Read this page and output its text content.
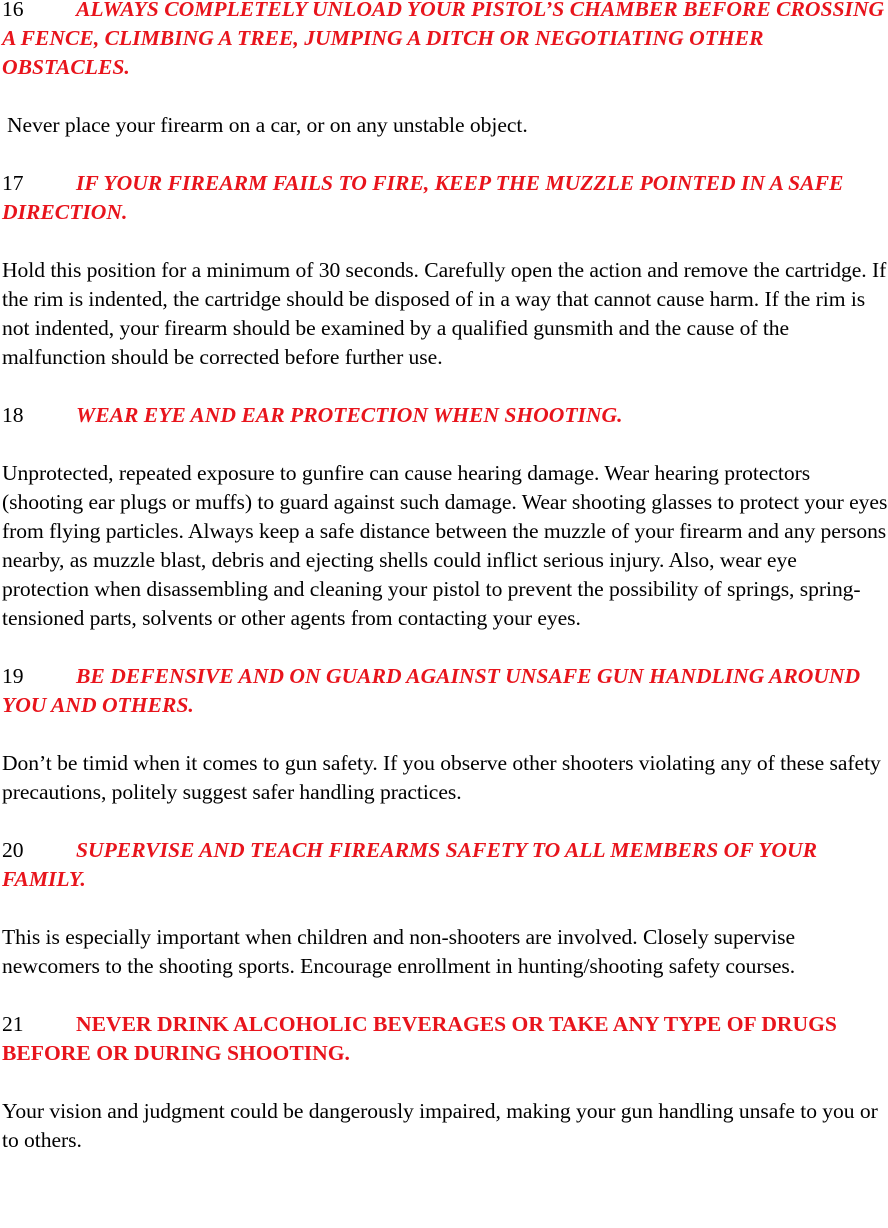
16 ALWAYS COMPLETELY UNLOAD YOUR PISTOL’S CHAMBER BEFORE CROSSING A FENCE, CLIMBING A TREE, JUMPING A DITCH OR NEGOTIATING OTHER OBSTACLES.

Never place your firearm on a car, or on any unstable object.

17 IF YOUR FIREARM FAILS TO FIRE, KEEP THE MUZZLE POINTED IN A SAFE DIRECTION.

Hold this position for a minimum of 30 seconds. Carefully open the action and remove the cartridge. If the rim is indented, the cartridge should be disposed of in a way that cannot cause harm. If the rim is not indented, your firearm should be examined by a qualified gunsmith and the cause of the malfunction should be corrected before further use.

18 WEAR EYE AND EAR PROTECTION WHEN SHOOTING.

Unprotected, repeated exposure to gunfire can cause hearing damage. Wear hearing protectors (shooting ear plugs or muffs) to guard against such damage. Wear shooting glasses to protect your eyes from flying particles. Always keep a safe distance between the muzzle of your firearm and any persons nearby, as muzzle blast, debris and ejecting shells could inflict serious injury. Also, wear eye protection when disassembling and cleaning your pistol to prevent the possibility of springs, spring-tensioned parts, solvents or other agents from contacting your eyes.

19 BE DEFENSIVE AND ON GUARD AGAINST UNSAFE GUN HANDLING AROUND YOU AND OTHERS.

Don’t be timid when it comes to gun safety. If you observe other shooters violating any of these safety precautions, politely suggest safer handling practices.

20 SUPERVISE AND TEACH FIREARMS SAFETY TO ALL MEMBERS OF YOUR FAMILY.

This is especially important when children and non-shooters are involved. Closely supervise newcomers to the shooting sports. Encourage enrollment in hunting/shooting safety courses.

21 NEVER DRINK ALCOHOLIC BEVERAGES OR TAKE ANY TYPE OF DRUGS BEFORE OR DURING SHOOTING.

Your vision and judgment could be dangerously impaired, making your gun handling unsafe to you or to others.
